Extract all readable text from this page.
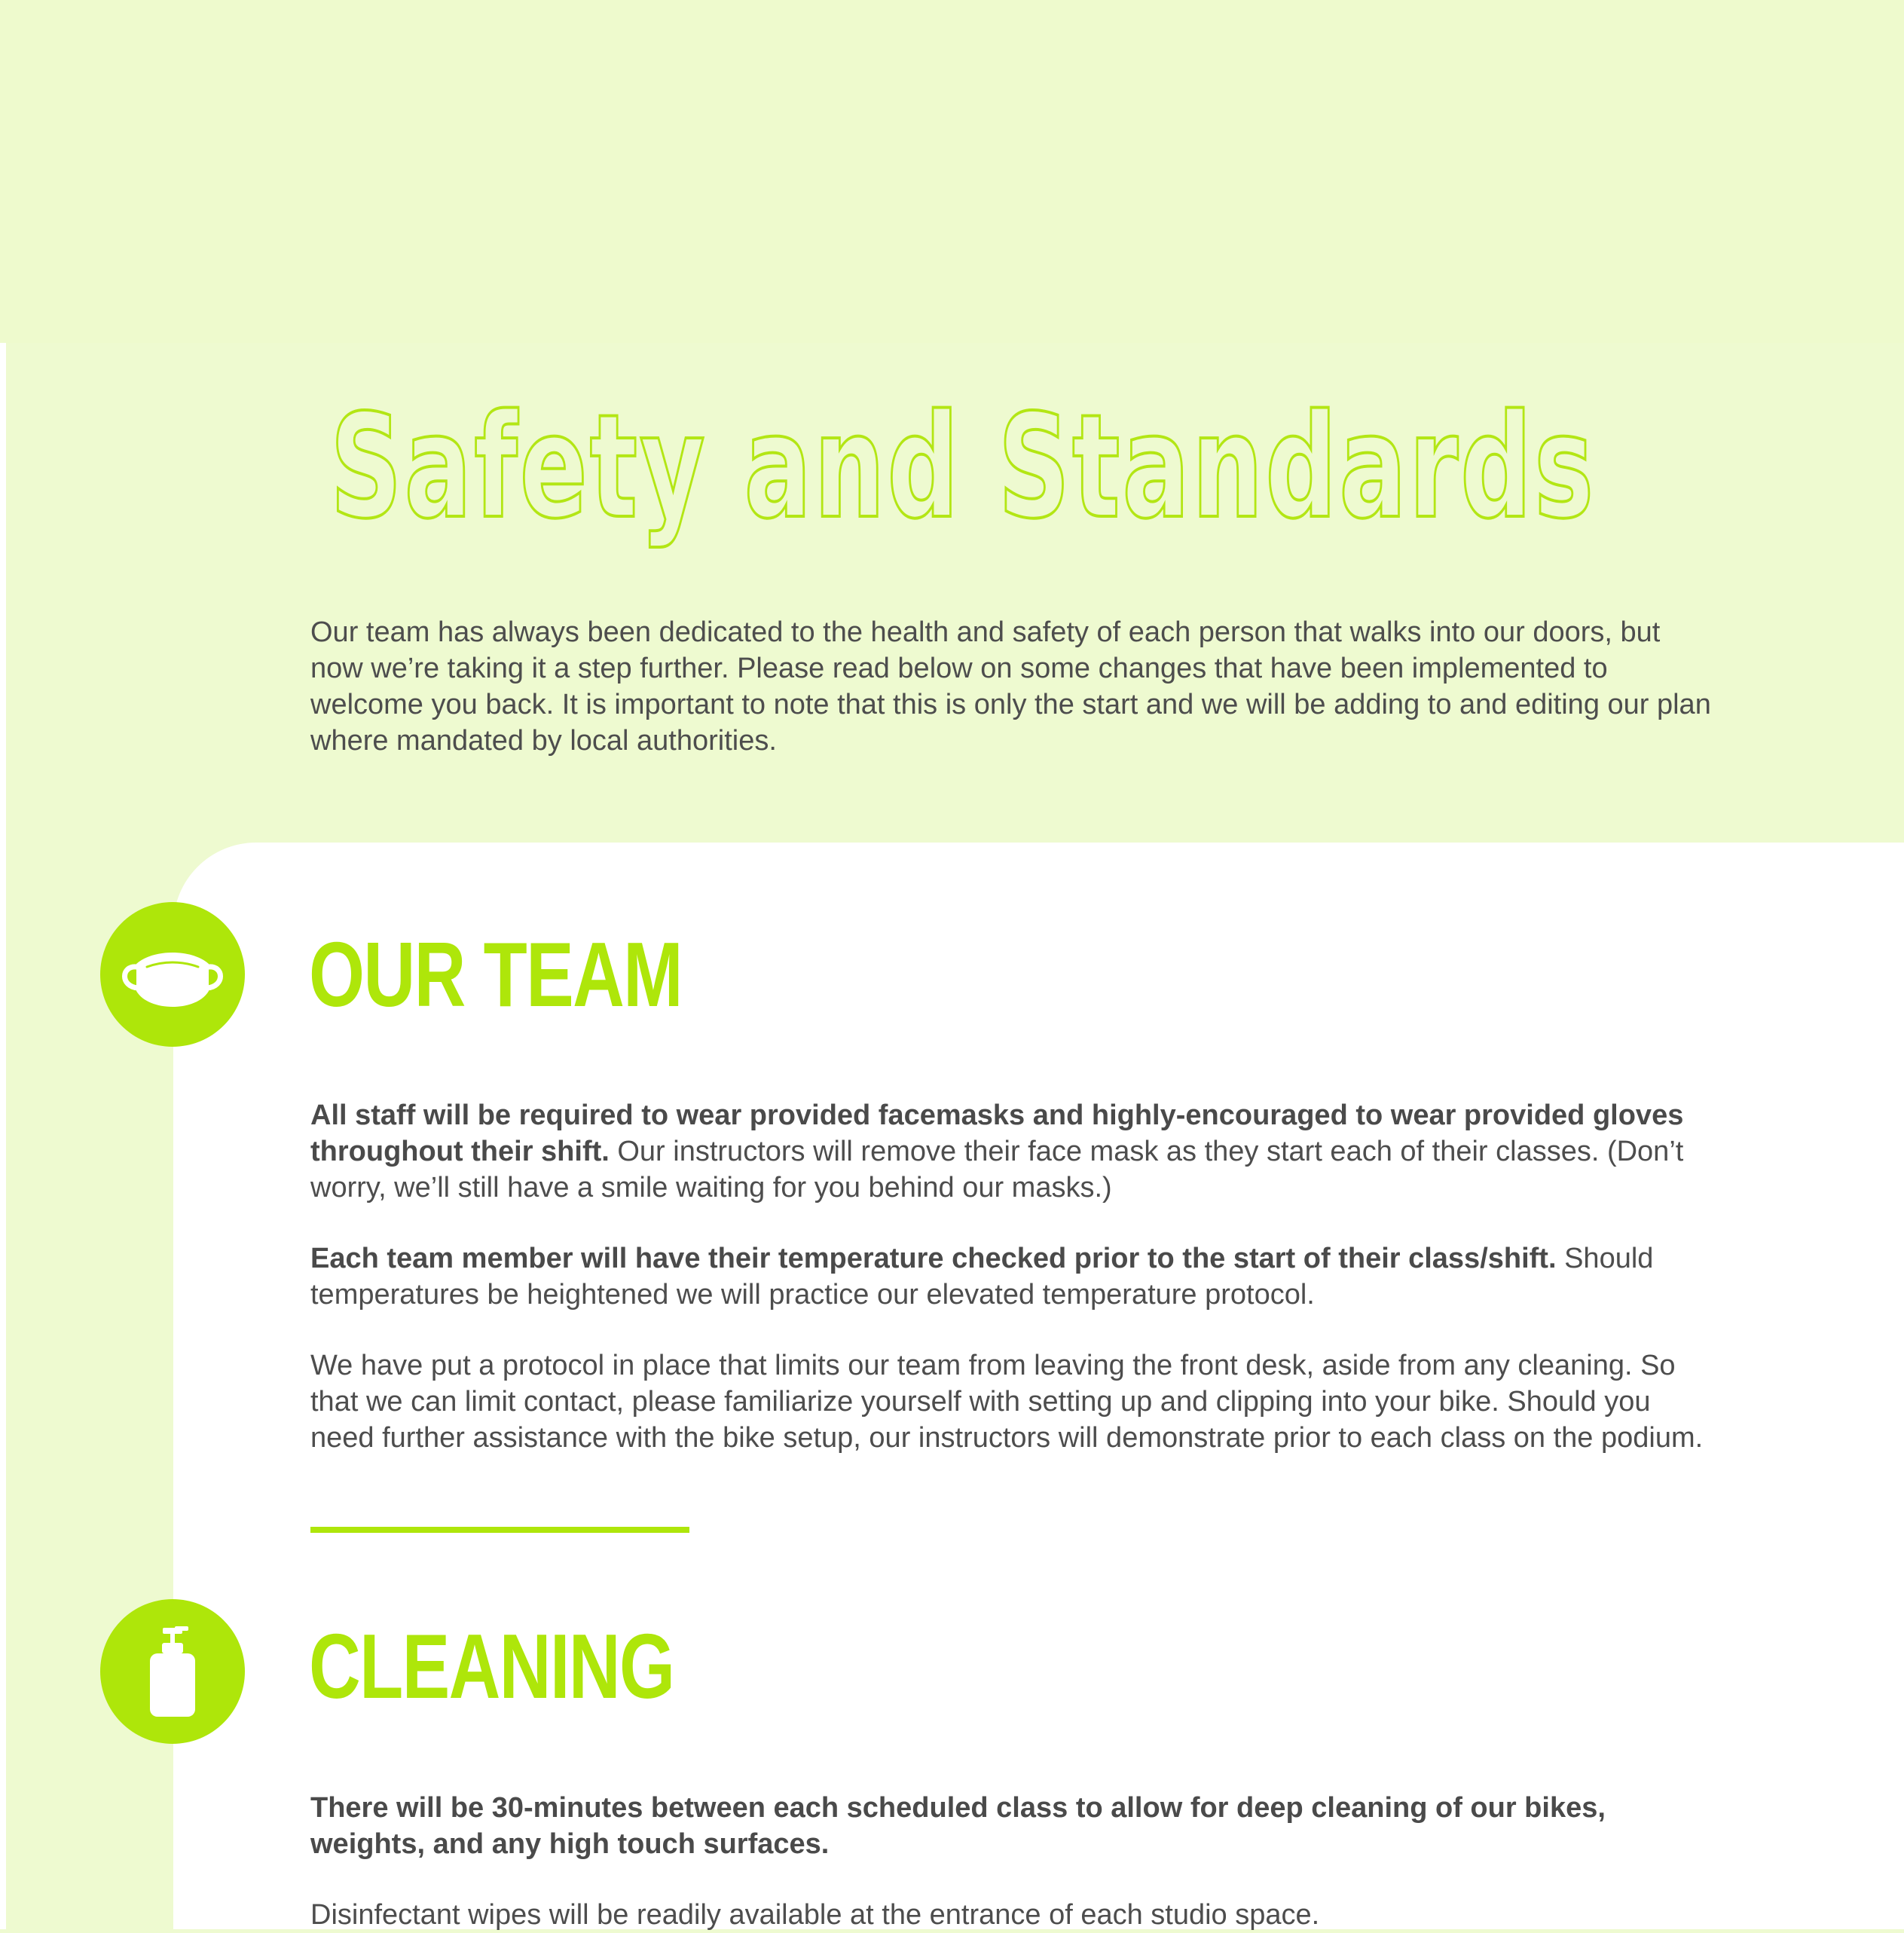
Safety and Standards

Our team has always been dedicated to the health and safety of each person that walks into our doors, but now we’re taking it a step further. Please read below on some changes that have been implemented to welcome you back. It is important to note that this is only the start and we will be adding to and editing our plan where mandated by local authorities.

OUR TEAM

All staff will be required to wear provided facemasks and highly-encouraged to wear provided gloves throughout their shift. Our instructors will remove their face mask as they start each of their classes. (Don’t worry, we’ll still have a smile waiting for you behind our masks.)

Each team member will have their temperature checked prior to the start of their class/shift. Should temperatures be heightened we will practice our elevated temperature protocol.

We have put a protocol in place that limits our team from leaving the front desk, aside from any cleaning. So that we can limit contact, please familiarize yourself with setting up and clipping into your bike. Should you need further assistance with the bike setup, our instructors will demonstrate prior to each class on the podium.

CLEANING

There will be 30-minutes between each scheduled class to allow for deep cleaning of our bikes, weights, and any high touch surfaces.

Disinfectant wipes will be readily available at the entrance of each studio space.
